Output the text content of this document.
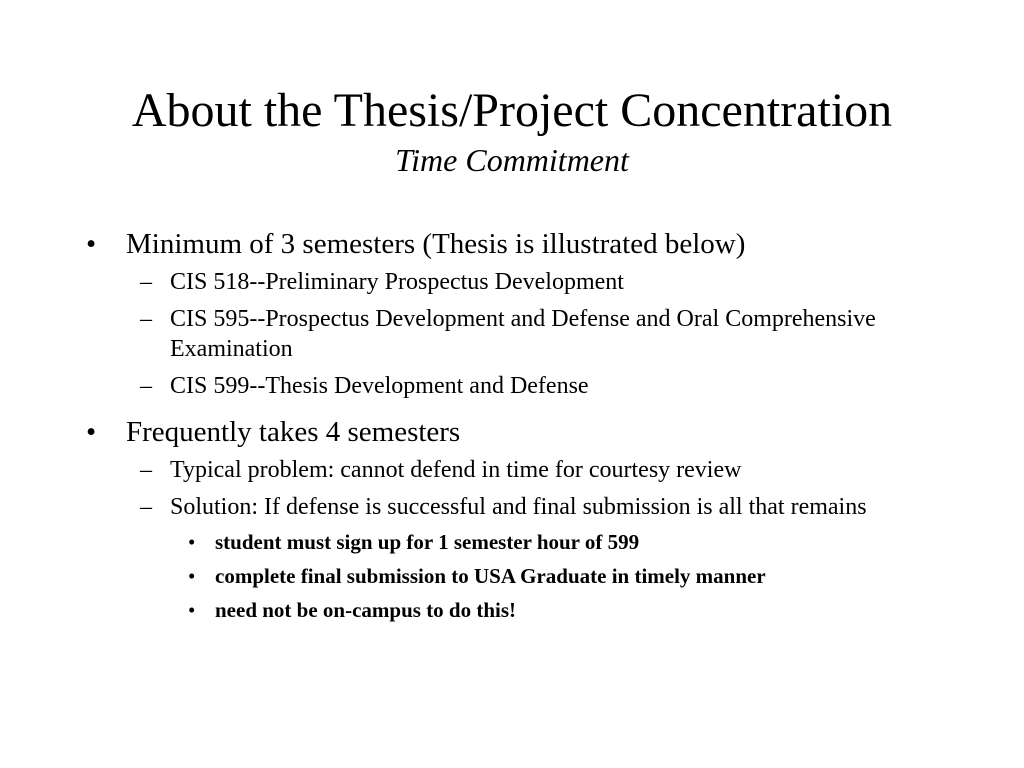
About the Thesis/Project Concentration
Time Commitment
• Minimum of 3 semesters (Thesis is illustrated below)
– CIS 518--Preliminary Prospectus Development
– CIS 595--Prospectus Development and Defense and Oral Comprehensive Examination
– CIS 599--Thesis Development and Defense
• Frequently takes 4 semesters
– Typical problem: cannot defend in time for courtesy review
– Solution: If defense is successful and final submission is all that remains
• student must sign up for 1 semester hour of 599
• complete final submission to USA Graduate in timely manner
• need not be on-campus to do this!
